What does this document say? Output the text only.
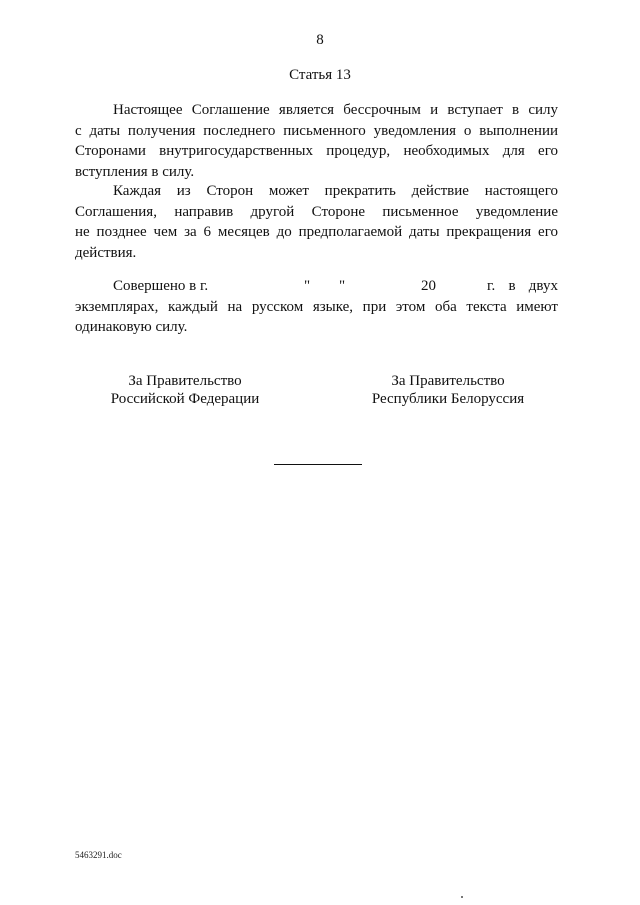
8
Статья 13
Настоящее Соглашение является бессрочным и вступает в силу
с даты получения последнего письменного уведомления о выполнении
Сторонами внутригосударственных процедур, необходимых для его
вступления в силу.
Каждая из Сторон может прекратить действие настоящего
Соглашения, направив другой Стороне письменное уведомление
не позднее чем за 6 месяцев до предполагаемой даты прекращения его
действия.
Совершено в г.	" "	20	г. в двух
экземплярах, каждый на русском языке, при этом оба текста имеют
одинаковую силу.
За Правительство
Российской Федерации
За Правительство
Республики Белоруссия
5463291.doc
